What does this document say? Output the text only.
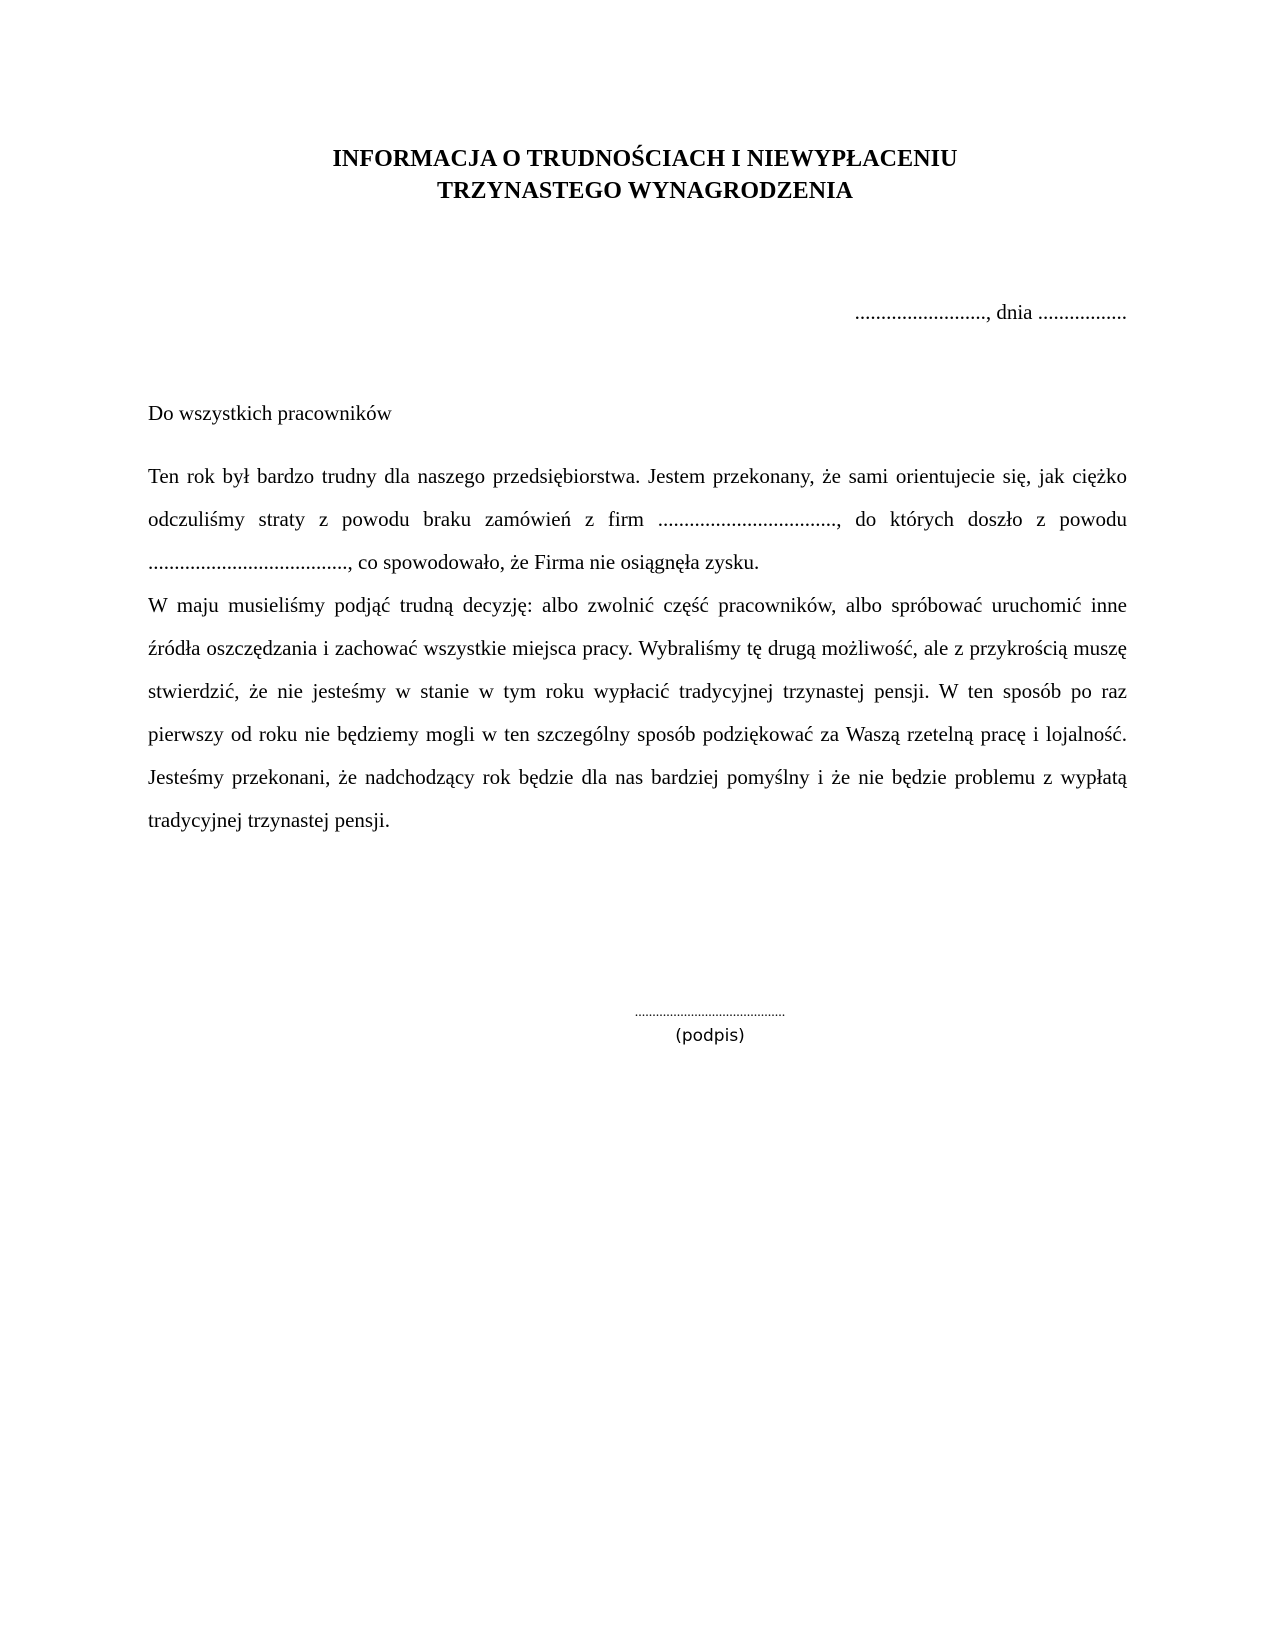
INFORMACJA O TRUDNOŚCIACH I NIEWYPŁACENIU
TRZYNASTEGO WYNAGRODZENIA
........................., dnia .................
Do wszystkich pracowników

Ten rok był bardzo trudny dla naszego przedsiębiorstwa. Jestem przekonany, że sami orientujecie się, jak ciężko odczuliśmy straty z powodu braku zamówień z firm .................................., do których doszło z powodu ......................................, co spowodowało, że Firma nie osiągnęła zysku.

W maju musieliśmy podjąć trudną decyzję: albo zwolnić część pracowników, albo spróbować uruchomić inne źródła oszczędzania i zachować wszystkie miejsca pracy. Wybraliśmy tę drugą możliwość, ale z przykrością muszę stwierdzić, że nie jesteśmy w stanie w tym roku wypłacić tradycyjnej trzynastej pensji. W ten sposób po raz pierwszy od roku nie będziemy mogli w ten szczególny sposób podziękować za Waszą rzetelną pracę i lojalność. Jesteśmy przekonani, że nadchodzący rok będzie dla nas bardziej pomyślny i że nie będzie problemu z wypłatą tradycyjnej trzynastej pensji.

...........................................
(podpis)
